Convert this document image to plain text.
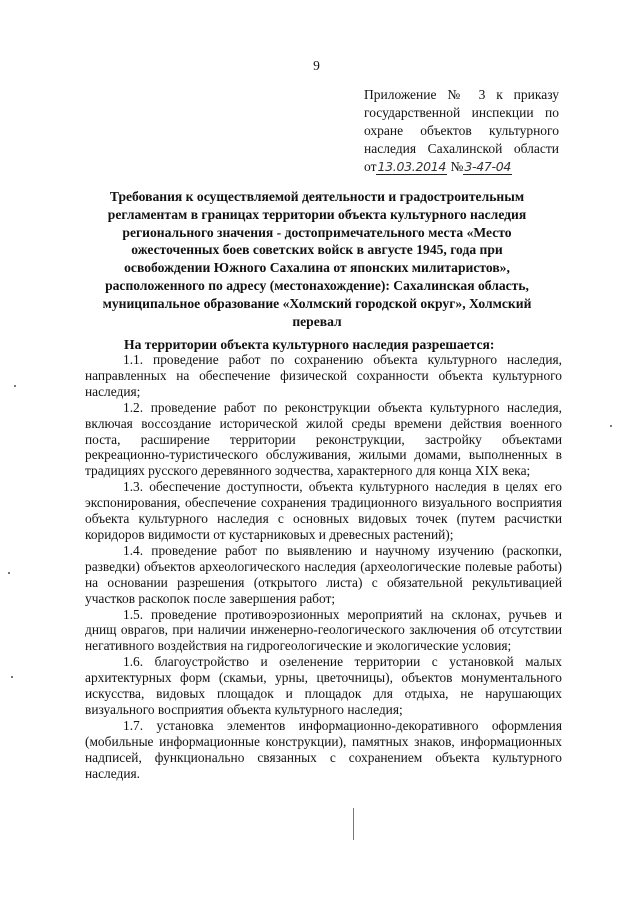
9
Приложение № 3 к приказу
государственной инспекции по
охране объектов культурного
наследия Сахалинской области
от13.03.2014 №3-47-04
Требования к осуществляемой деятельности и градостроительным регламентам в границах территории объекта культурного наследия регионального значения - достопримечательного места «Место ожесточенных боев советских войск в августе 1945, года при освобождении Южного Сахалина от японских милитаристов», расположенного по адресу (местонахождение): Сахалинская область, муниципальное образование «Холмский городской округ», Холмский перевал
На территории объекта культурного наследия разрешается:

1.1. проведение работ по сохранению объекта культурного наследия, направленных на обеспечение физической сохранности объекта культурного наследия;

1.2. проведение работ по реконструкции объекта культурного наследия, включая воссоздание исторической жилой среды времени действия военного поста, расширение территории реконструкции, застройку объектами рекреационно-туристического обслуживания, жилыми домами, выполненных в традициях русского деревянного зодчества, характерного для конца XIX века;

1.3. обеспечение доступности, объекта культурного наследия в целях его экспонирования, обеспечение сохранения традиционного визуального восприятия объекта культурного наследия с основных видовых точек (путем расчистки коридоров видимости от кустарниковых и древесных растений);

1.4. проведение работ по выявлению и научному изучению (раскопки, разведки) объектов археологического наследия (археологические полевые работы) на основании разрешения (открытого листа) с обязательной рекультивацией участков раскопок после завершения работ;

1.5. проведение противоэрозионных мероприятий на склонах, ручьев и днищ оврагов, при наличии инженерно-геологического заключения об отсутствии негативного воздействия на гидрогеологические и экологические условия;

1.6. благоустройство и озеленение территории с установкой малых архитектурных форм (скамьи, урны, цветочницы), объектов монументального искусства, видовых площадок и площадок для отдыха, не нарушающих визуального восприятия объекта культурного наследия;

1.7. установка элементов информационно-декоративного оформления (мобильные информационные конструкции), памятных знаков, информационных надписей, функционально связанных с сохранением объекта культурного наследия.
